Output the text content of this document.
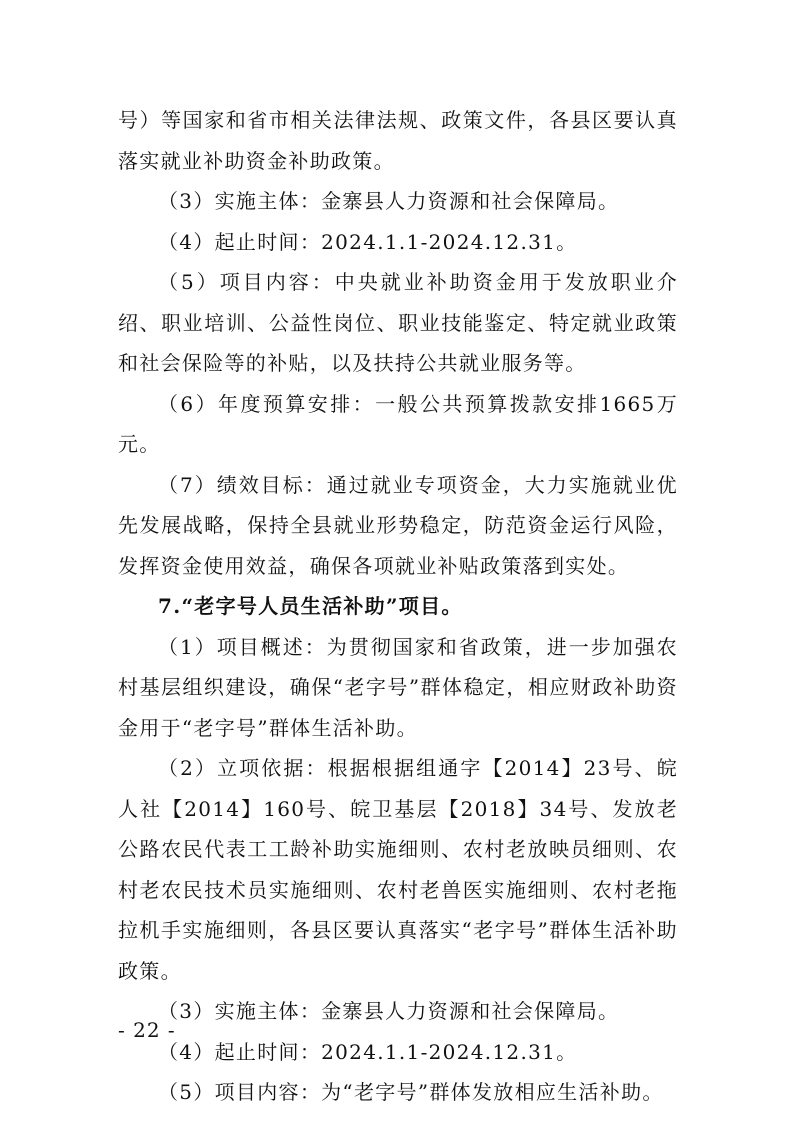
号）等国家和省市相关法律法规、政策文件，各县区要认真落实就业补助资金补助政策。

（3）实施主体：金寨县人力资源和社会保障局。

（4）起止时间：2024.1.1-2024.12.31。

（5）项目内容：中央就业补助资金用于发放职业介绍、职业培训、公益性岗位、职业技能鉴定、特定就业政策和社会保险等的补贴，以及扶持公共就业服务等。

（6）年度预算安排：一般公共预算拨款安排1665万元。

（7）绩效目标：通过就业专项资金，大力实施就业优先发展战略，保持全县就业形势稳定，防范资金运行风险，发挥资金使用效益，确保各项就业补贴政策落到实处。

7.“老字号人员生活补助”项目。

（1）项目概述：为贯彻国家和省政策，进一步加强农村基层组织建设，确保“老字号”群体稳定，相应财政补助资金用于“老字号”群体生活补助。

（2）立项依据：根据根据组通字【2014】23号、皖人社【2014】160号、皖卫基层【2018】34号、发放老公路农民代表工工龄补助实施细则、农村老放映员细则、农村老农民技术员实施细则、农村老兽医实施细则、农村老拖拉机手实施细则，各县区要认真落实“老字号”群体生活补助政策。

（3）实施主体：金寨县人力资源和社会保障局。

（4）起止时间：2024.1.1-2024.12.31。

（5）项目内容：为“老字号”群体发放相应生活补助。

- 22 -
